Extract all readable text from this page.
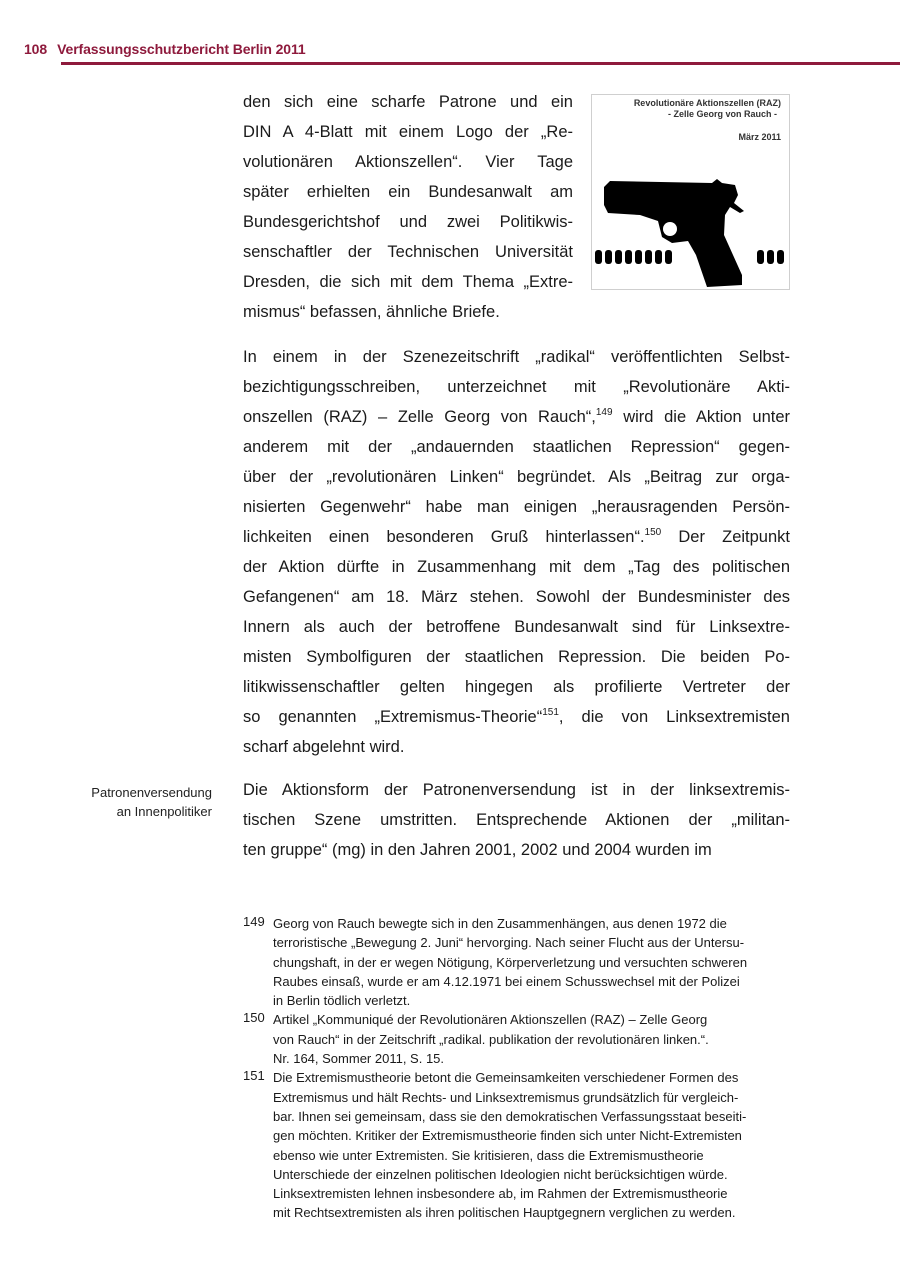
108 Verfassungsschutzbericht Berlin 2011
den sich eine scharfe Patrone und ein
DIN A 4-Blatt mit einem Logo der „Re-
volutionären Aktionszellen“. Vier Tage
später erhielten ein Bundesanwalt am
Bundesgerichtshof und zwei Politikwis-
senschaftler der Technischen Universität
Dresden, die sich mit dem Thema „Extre-
mismus“ befassen, ähnliche Briefe.
In einem in der Szenezeitschrift „radikal“ veröffentlichten Selbst-
bezichtigungsschreiben, unterzeichnet mit „Revolutionäre Akti-
onszellen (RAZ) – Zelle Georg von Rauch“,$^{149}$ wird die Aktion unter
anderem mit der „andauernden staatlichen Repression“ gegen-
über der „revolutionären Linken“ begründet. Als „Beitrag zur orga-
nisierten Gegenwehr“ habe man einigen „herausragenden Persön-
lichkeiten einen besonderen Gruß hinterlassen“.$^{150}$ Der Zeitpunkt
der Aktion dürfte in Zusammenhang mit dem „Tag des politischen
Gefangenen“ am 18. März stehen. Sowohl der Bundesminister des
Innern als auch der betroffene Bundesanwalt sind für Linksextre-
misten Symbolfiguren der staatlichen Repression. Die beiden Po-
litikwissenschaftler gelten hingegen als profilierte Vertreter der
so genannten „Extremismus-Theorie“$^{151}$, die von Linksextremisten
scharf abgelehnt wird.
Die Aktionsform der Patronenversendung ist in der linksextremis-
tischen Szene umstritten. Entsprechende Aktionen der „militan-
ten gruppe“ (mg) in den Jahren 2001, 2002 und 2004 wurden im
Patronenversendung
an Innenpolitiker
Revolutionäre Aktionszellen (RAZ)
- Zelle Georg von Rauch -
März 2011
149 Georg von Rauch bewegte sich in den Zusammenhängen, aus denen 1972 die
terroristische „Bewegung 2. Juni“ hervorging. Nach seiner Flucht aus der Untersu-
chungshaft, in der er wegen Nötigung, Körperverletzung und versuchten schweren
Raubes einsaß, wurde er am 4.12.1971 bei einem Schusswechsel mit der Polizei
in Berlin tödlich verletzt.
150 Artikel „Kommuniqué der Revolutionären Aktionszellen (RAZ) – Zelle Georg
von Rauch“ in der Zeitschrift „radikal. publikation der revolutionären linken.“.
Nr. 164, Sommer 2011, S. 15.
151 Die Extremismustheorie betont die Gemeinsamkeiten verschiedener Formen des
Extremismus und hält Rechts- und Linksextremismus grundsätzlich für vergleich-
bar. Ihnen sei gemeinsam, dass sie den demokratischen Verfassungsstaat beseiti-
gen möchten. Kritiker der Extremismustheorie finden sich unter Nicht-Extremisten
ebenso wie unter Extremisten. Sie kritisieren, dass die Extremismustheorie
Unterschiede der einzelnen politischen Ideologien nicht berücksichtigen würde.
Linksextremisten lehnen insbesondere ab, im Rahmen der Extremismustheorie
mit Rechtsextremisten als ihren politischen Hauptgegnern verglichen zu werden.
